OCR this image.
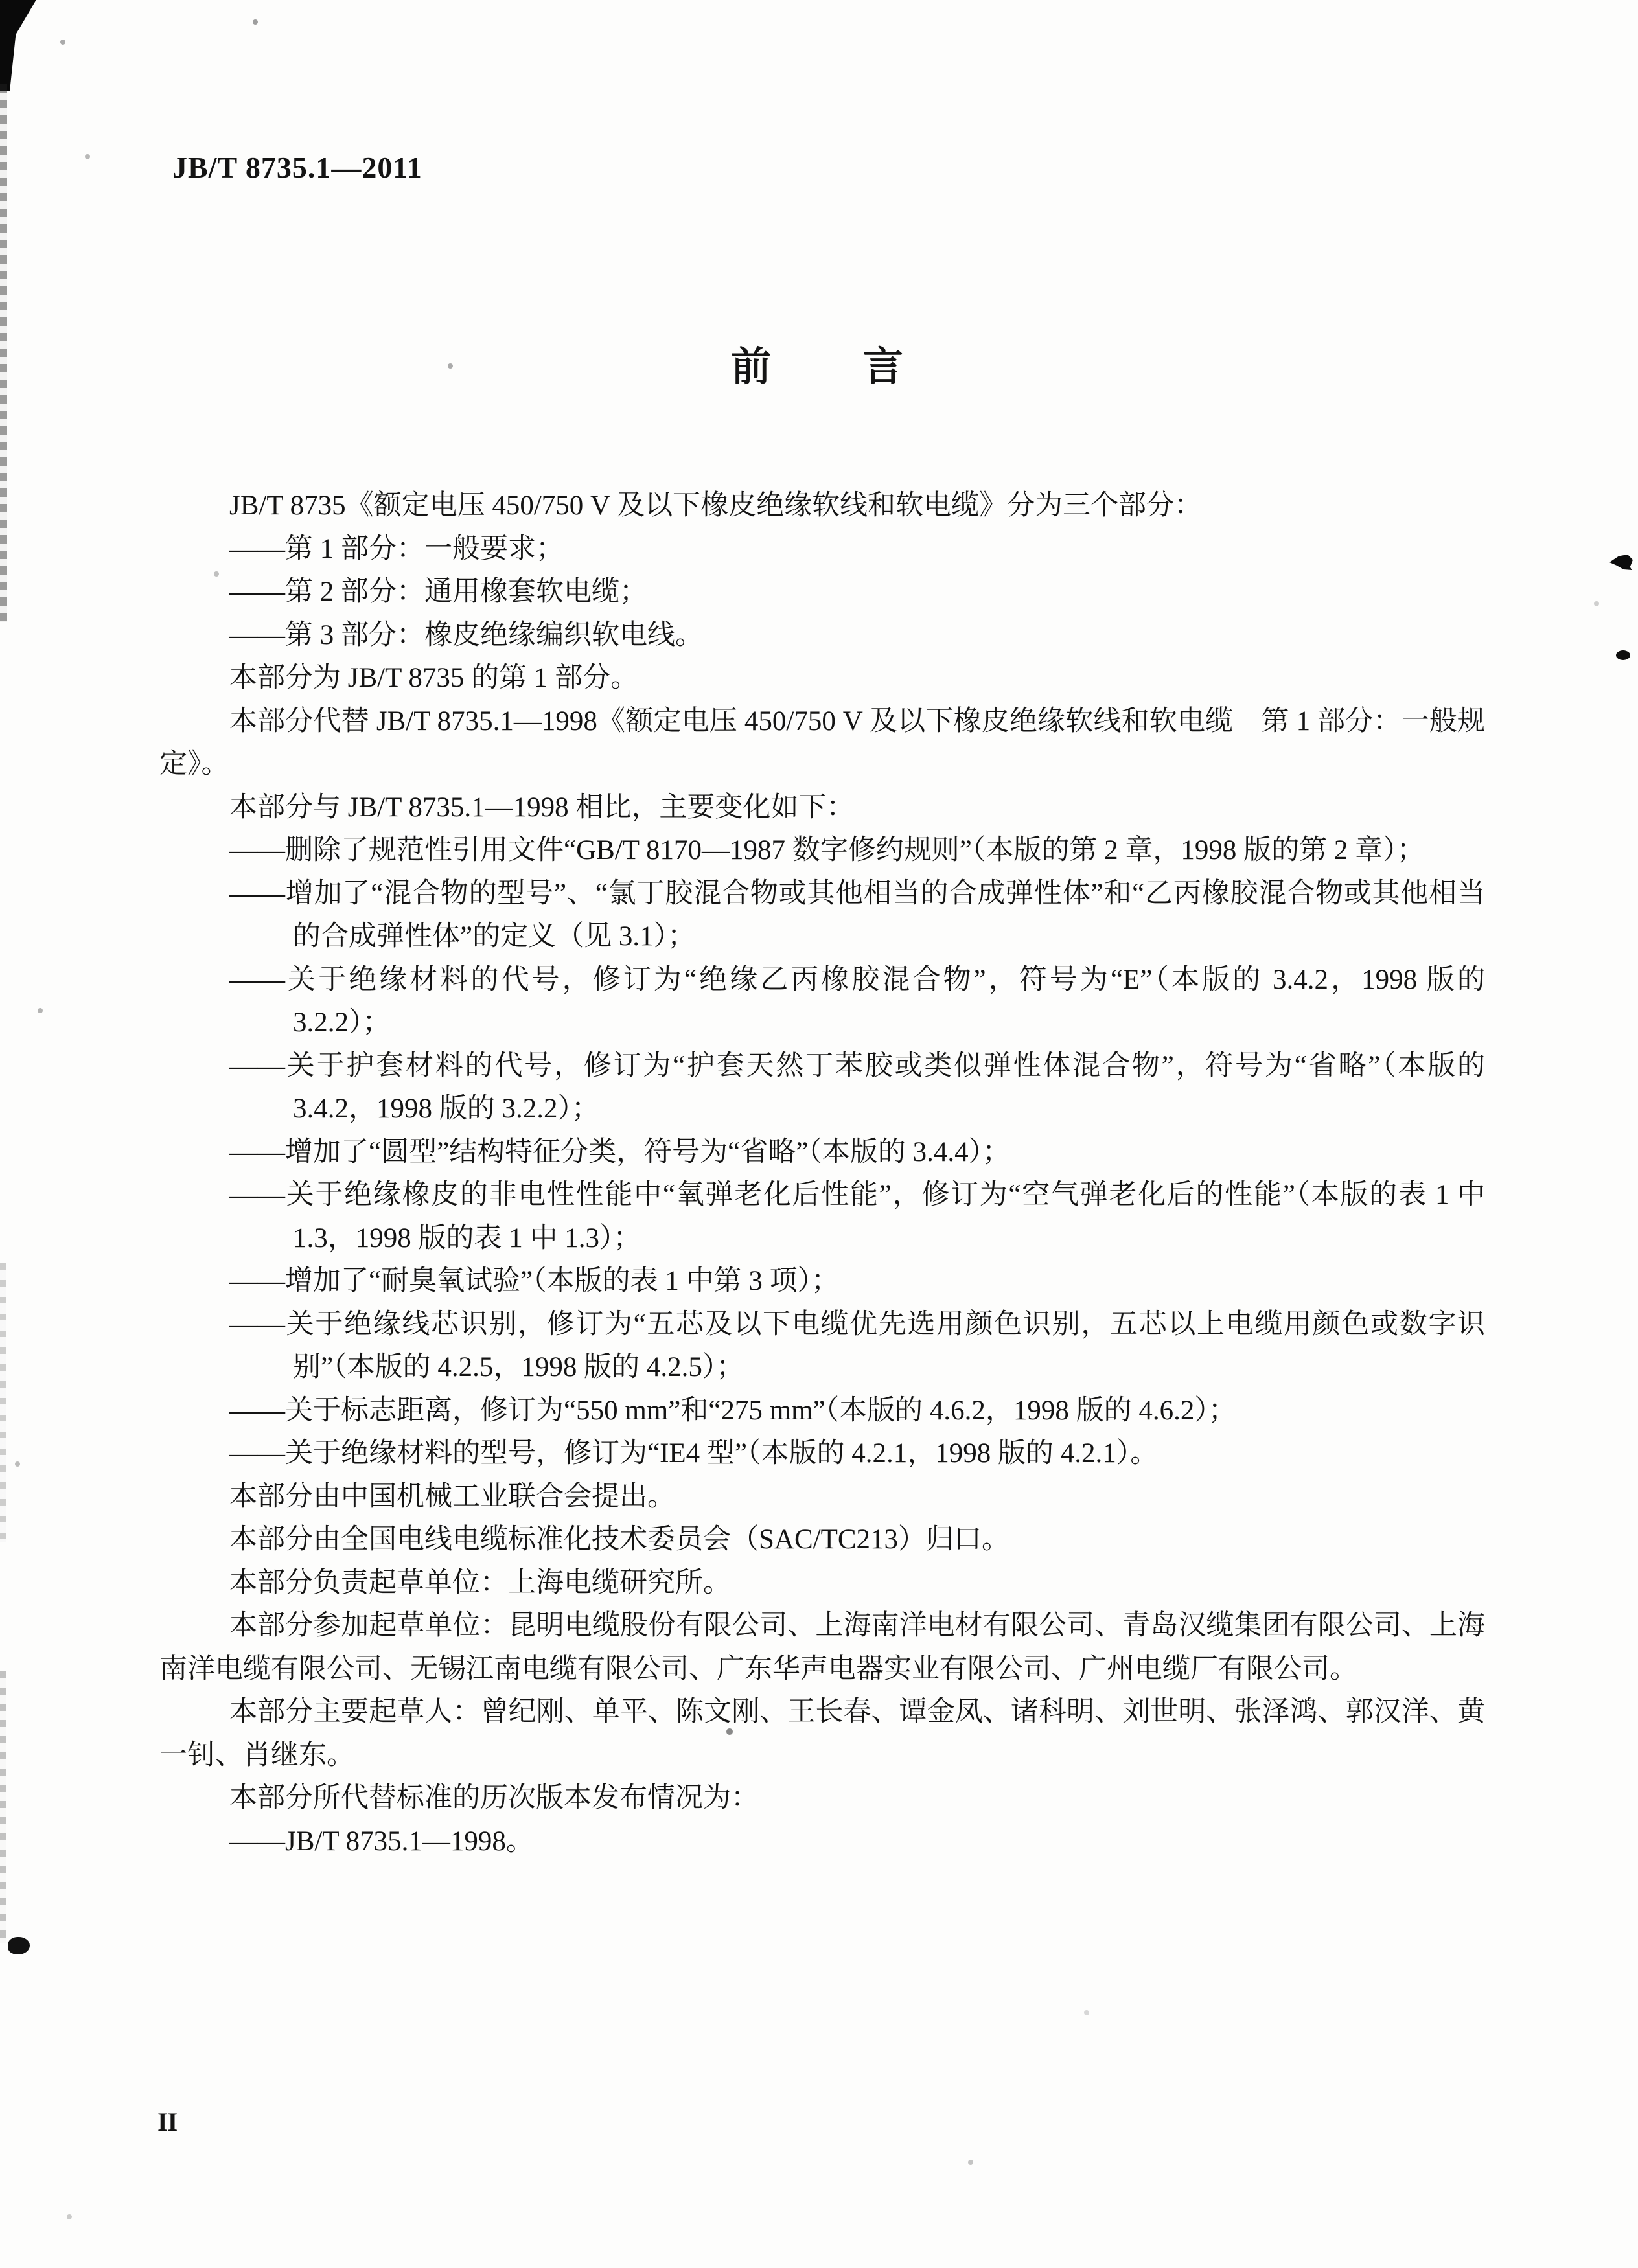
JB/T 8735.1—2011
前　　言

JB/T 8735《额定电压 450/750 V 及以下橡皮绝缘软线和软电缆》分为三个部分：

——第 1 部分：一般要求；

——第 2 部分：通用橡套软电缆；

——第 3 部分：橡皮绝缘编织软电线。

本部分为 JB/T 8735 的第 1 部分。

本部分代替 JB/T 8735.1—1998《额定电压 450/750 V 及以下橡皮绝缘软线和软电缆　第 1 部分：一般规定》。

本部分与 JB/T 8735.1—1998 相比，主要变化如下：

——删除了规范性引用文件“GB/T 8170—1987 数字修约规则”（本版的第 2 章，1998 版的第 2 章）；

——增加了“混合物的型号”、“氯丁胶混合物或其他相当的合成弹性体”和“乙丙橡胶混合物或其他相当的合成弹性体”的定义（见 3.1）；

——关于绝缘材料的代号，修订为“绝缘乙丙橡胶混合物”，符号为“E”（本版的 3.4.2，1998 版的 3.2.2）；

——关于护套材料的代号，修订为“护套天然丁苯胶或类似弹性体混合物”，符号为“省略”（本版的 3.4.2，1998 版的 3.2.2）；

——增加了“圆型”结构特征分类，符号为“省略”（本版的 3.4.4）；

——关于绝缘橡皮的非电性性能中“氧弹老化后性能”，修订为“空气弹老化后的性能”（本版的表 1 中 1.3，1998 版的表 1 中 1.3）；

——增加了“耐臭氧试验”（本版的表 1 中第 3 项）；

——关于绝缘线芯识别，修订为“五芯及以下电缆优先选用颜色识别，五芯以上电缆用颜色或数字识别”（本版的 4.2.5，1998 版的 4.2.5）；

——关于标志距离，修订为“550 mm”和“275 mm”（本版的 4.6.2，1998 版的 4.6.2）；

——关于绝缘材料的型号，修订为“IE4 型”（本版的 4.2.1，1998 版的 4.2.1）。

本部分由中国机械工业联合会提出。

本部分由全国电线电缆标准化技术委员会（SAC/TC213）归口。

本部分负责起草单位：上海电缆研究所。

本部分参加起草单位：昆明电缆股份有限公司、上海南洋电材有限公司、青岛汉缆集团有限公司、上海南洋电缆有限公司、无锡江南电缆有限公司、广东华声电器实业有限公司、广州电缆厂有限公司。

本部分主要起草人：曾纪刚、单平、陈文刚、王长春、谭金凤、诸科明、刘世明、张泽鸿、郭汉洋、黄一钊、肖继东。

本部分所代替标准的历次版本发布情况为：

——JB/T 8735.1—1998。

II
